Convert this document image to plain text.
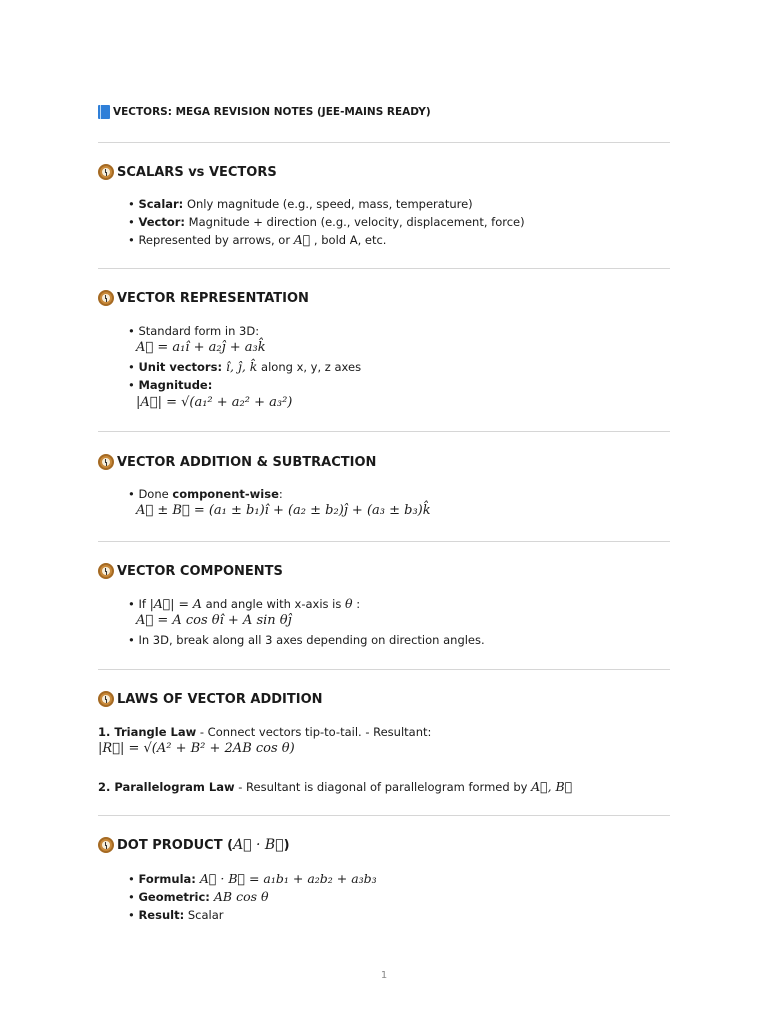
VECTORS: MEGA REVISION NOTES (JEE-MAINS READY)
SCALARS vs VECTORS
• Scalar: Only magnitude (e.g., speed, mass, temperature)
• Vector: Magnitude + direction (e.g., velocity, displacement, force)
• Represented by arrows, or A⃗ , bold A, etc.
VECTOR REPRESENTATION
• Standard form in 3D:
A⃗ = a₁î + a₂ĵ + a₃k̂
• Unit vectors: î, ĵ, k̂ along x, y, z axes
• Magnitude:
|A⃗| = √(a₁² + a₂² + a₃²)
VECTOR ADDITION & SUBTRACTION
• Done component-wise:
A⃗ ± B⃗ = (a₁ ± b₁)î + (a₂ ± b₂)ĵ + (a₃ ± b₃)k̂
VECTOR COMPONENTS
• If |A⃗| = A and angle with x-axis is θ :
A⃗ = A cos θî + A sin θĵ
• In 3D, break along all 3 axes depending on direction angles.
LAWS OF VECTOR ADDITION
1. Triangle Law - Connect vectors tip-to-tail. - Resultant:
|R⃗| = √(A² + B² + 2AB cos θ)
2. Parallelogram Law - Resultant is diagonal of parallelogram formed by A⃗, B⃗
DOT PRODUCT ( A⃗ · B⃗ )
• Formula: A⃗ · B⃗ = a₁b₁ + a₂b₂ + a₃b₃
• Geometric: AB cos θ
• Result: Scalar
1
